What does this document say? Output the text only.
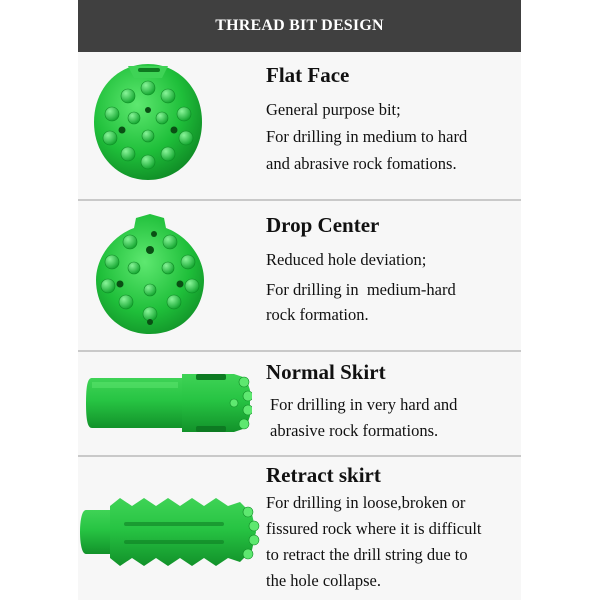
THREAD BIT DESIGN
Flat Face
General purpose bit;
For drilling in medium to hard
and abrasive rock fomations.
Drop Center
Reduced hole deviation;
For drilling in  medium-hard
rock formation.
Normal Skirt
For drilling in very hard and
abrasive rock formations.
Retract skirt
For drilling in loose,broken or
fissured rock where it is difficult
to retract the drill string due to
the hole collapse.
